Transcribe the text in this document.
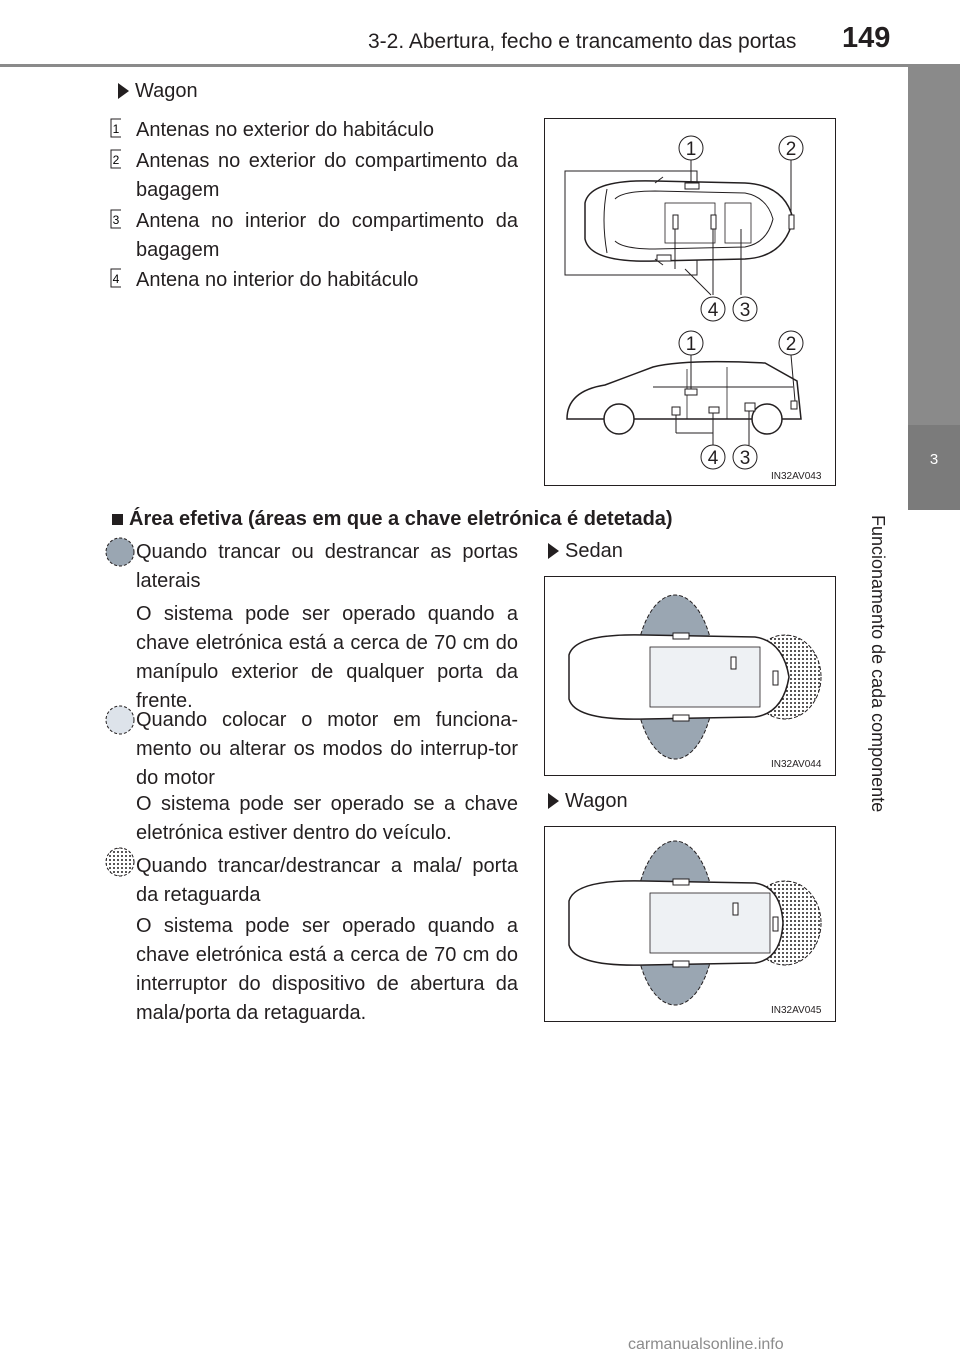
3-2. Abertura, fecho e trancamento das portas 149
3
Funcionamento de cada componente
Wagon
1 Antenas no exterior do habitáculo
2 Antenas no exterior do compartimento da bagagem
3 Antena no interior do compartimento da bagagem
4 Antena no interior do habitáculo
1	2
4 3
1	2
4 3
IN32AV043
Área efetiva (áreas em que a chave eletrónica é detetada)
Quando trancar ou destrancar as portas laterais
O sistema pode ser operado quando a chave eletrónica está a cerca de 70 cm do manípulo exterior de qualquer porta da frente.
Quando colocar o motor em funciona-mento ou alterar os modos do interrup-tor do motor
O sistema pode ser operado se a chave eletrónica estiver dentro do veículo.
Quando trancar/destrancar a mala/ porta da retaguarda
O sistema pode ser operado quando a chave eletrónica está a cerca de 70 cm do interruptor do dispositivo de abertura da mala/porta da retaguarda.
Sedan
IN32AV044
Wagon
IN32AV045
carmanualsonline.info
